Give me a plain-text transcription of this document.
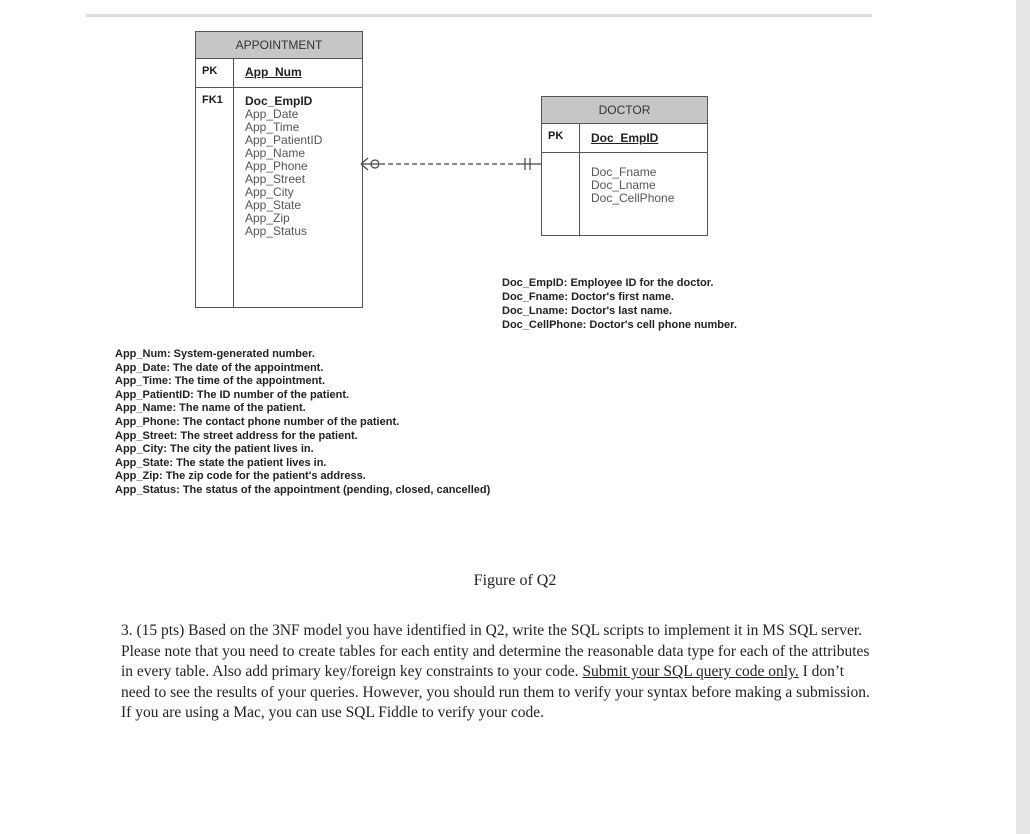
APPOINTMENT
PK	App_Num
FK1	Doc_EmpID
App_Date
App_Time
App_PatientID
App_Name
App_Phone
App_Street
App_City
App_State
App_Zip
App_Status
DOCTOR
PK	Doc_EmpID
Doc_Fname
Doc_Lname
Doc_CellPhone
Doc_EmpID: Employee ID for the doctor.
Doc_Fname: Doctor's first name.
Doc_Lname: Doctor's last name.
Doc_CellPhone: Doctor's cell phone number.
App_Num: System-generated number.
App_Date: The date of the appointment.
App_Time: The time of the appointment.
App_PatientID: The ID number of the patient.
App_Name: The name of the patient.
App_Phone: The contact phone number of the patient.
App_Street: The street address for the patient.
App_City: The city the patient lives in.
App_State: The state the patient lives in.
App_Zip: The zip code for the patient's address.
App_Status: The status of the appointment (pending, closed, cancelled)
Figure of Q2
3. (15 pts) Based on the 3NF model you have identified in Q2, write the SQL scripts to implement it in MS SQL server. Please note that you need to create tables for each entity and determine the reasonable data type for each of the attributes in every table. Also add primary key/foreign key constraints to your code. Submit your SQL query code only. I don’t need to see the results of your queries. However, you should run them to verify your syntax before making a submission. If you are using a Mac, you can use SQL Fiddle to verify your code.
